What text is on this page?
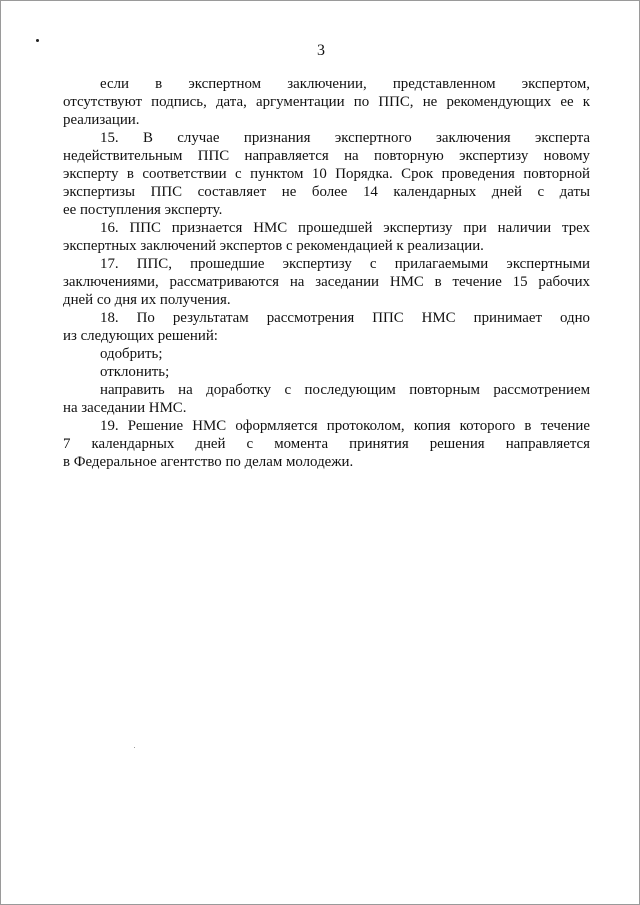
3
если в экспертном заключении, представленном экспертом,
отсутствуют подпись, дата, аргументации по ППС, не рекомендующих ее к
реализации.
15. В случае признания экспертного заключения эксперта
недействительным ППС направляется на повторную экспертизу новому
эксперту в соответствии с пунктом 10 Порядка. Срок проведения повторной
экспертизы ППС составляет не более 14 календарных дней с даты
ее поступления эксперту.
16. ППС признается НМС прошедшей экспертизу при наличии трех
экспертных заключений экспертов с рекомендацией к реализации.
17. ППС, прошедшие экспертизу с прилагаемыми экспертными
заключениями, рассматриваются на заседании НМС в течение 15 рабочих
дней со дня их получения.
18. По результатам рассмотрения ППС НМС принимает одно
из следующих решений:
одобрить;
отклонить;
направить на доработку с последующим повторным рассмотрением
на заседании НМС.
19. Решение НМС оформляется протоколом, копия которого в течение
7 календарных дней с момента принятия решения направляется
в Федеральное агентство по делам молодежи.
